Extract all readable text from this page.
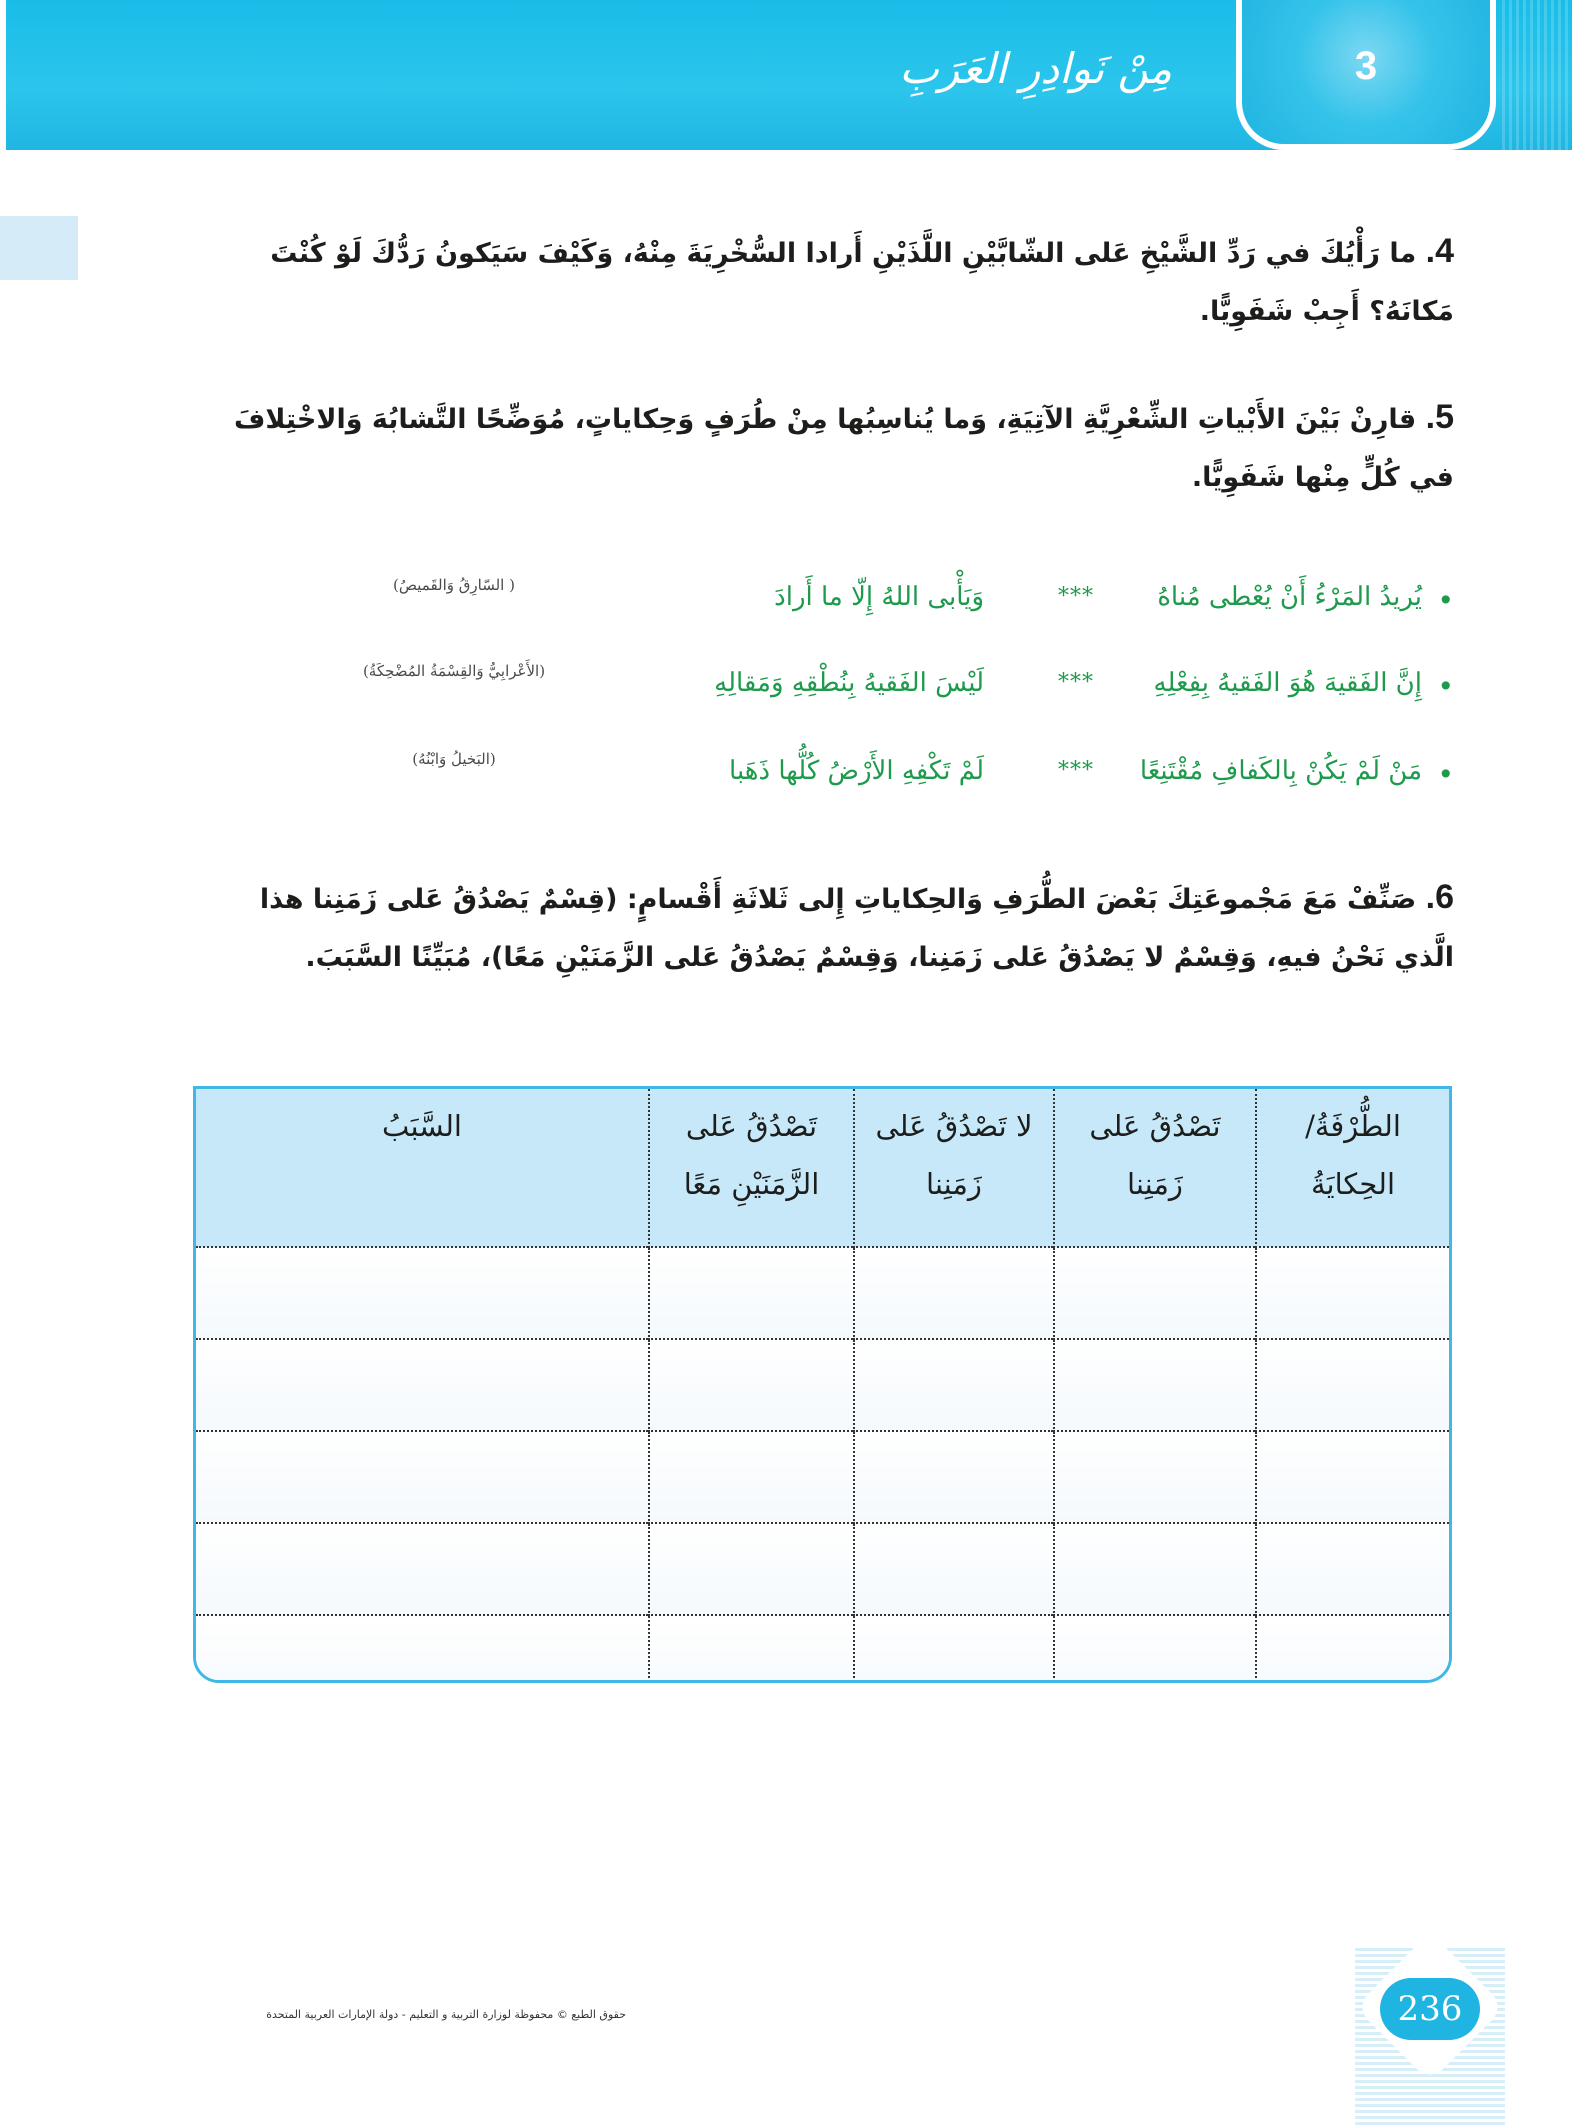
مِنْ نَوادِرِ العَرَبِ	3
4. ما رَأْيُكَ في رَدِّ الشَّيْخِ عَلى الشّابَّيْنِ اللَّذَيْنِ أَرادا السُّخْرِيَةَ مِنْهُ، وَكَيْفَ سَيَكونُ رَدُّكَ لَوْ كُنْتَ مَكانَهُ؟ أَجِبْ شَفَوِيًّا.
5. قارِنْ بَيْنَ الأَبْياتِ الشِّعْرِيَّةِ الآتِيَةِ، وَما يُناسِبُها مِنْ طُرَفٍ وَحِكاياتٍ، مُوَضِّحًا التَّشابُهَ وَالاخْتِلافَ في كُلٍّ مِنْها شَفَوِيًّا.
•
يُريدُ المَرْءُ أَنْ يُعْطى مُناهُ
***
وَيَأْبى اللهُ إِلّا ما أَرادَ
( السّارِقُ وَالقَميصُ)
•
إِنَّ الفَقيهَ هُوَ الفَقيهُ بِفِعْلِهِ
***
لَيْسَ الفَقيهُ بِنُطْقِهِ وَمَقالِهِ
(الأَعْرابِيُّ وَالقِسْمَةُ المُضْحِكَةُ)
•
مَنْ لَمْ يَكُنْ بِالكَفافِ مُقْتَنِعًا
***
لَمْ تَكْفِهِ الأَرْضُ كُلُّها ذَهَبا
(البَخيلُ وَابْنُهُ)
6. صَنِّفْ مَعَ مَجْموعَتِكَ بَعْضَ الطُّرَفِ وَالحِكاياتِ إِلى ثَلاثَةِ أَقْسامٍ: (قِسْمٌ يَصْدُقُ عَلى زَمَنِنا هذا الَّذي نَحْنُ فيهِ، وَقِسْمٌ لا يَصْدُقُ عَلى زَمَنِنا، وَقِسْمٌ يَصْدُقُ عَلى الزَّمَنَيْنِ مَعًا)، مُبَيِّنًا السَّبَبَ.
الطُّرْفَةُ/ الحِكايَةُ	تَصْدُقُ عَلى زَمَنِنا	لا تَصْدُقُ عَلى زَمَنِنا	تَصْدُقُ عَلى الزَّمَنَيْنِ مَعًا	السَّبَبُ

حقوق الطبع © محفوظة لوزارة التربية و التعليم - دولة الإمارات العربية المتحدة	236
